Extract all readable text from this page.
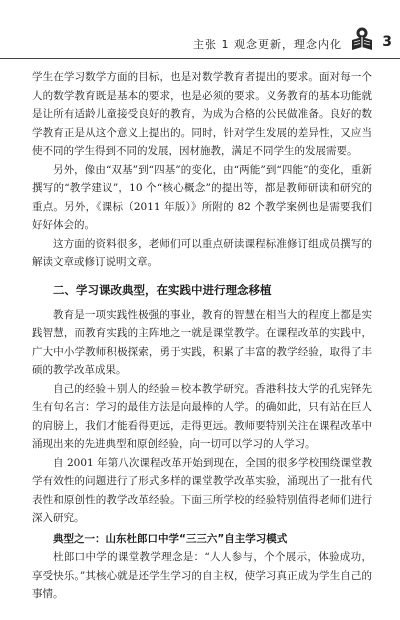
主张 1 观念更新，理念内化	3

学生在学习数学方面的目标，也是对数学教育者提出的要求。面对每一个人的数学教育既是基本的要求，也是必须的要求。义务教育的基本功能就是让所有适龄儿童接受良好的教育，为成为合格的公民做准备。良好的数学教育正是从这个意义上提出的。同时，针对学生发展的差异性，又应当使不同的学生得到不同的发展，因材施教，满足不同学生的发展需要。

另外，像由“双基”到“四基”的变化，由“两能”到“四能”的变化，重新撰写的“教学建议”，10 个“核心概念”的提出等，都是教师研读和研究的重点。另外，《课标（2011 年版）》所附的 82 个教学案例也是需要我们好好体会的。

这方面的资料很多，老师们可以重点研读课程标准修订组成员撰写的解读文章或修订说明文章。

二、学习课改典型，在实践中进行理念移植

教育是一项实践性极强的事业，教育的智慧在相当大的程度上都是实践智慧，而教育实践的主阵地之一就是课堂教学。在课程改革的实践中，广大中小学教师积极探索，勇于实践，积累了丰富的教学经验，取得了丰硕的教学改革成果。

自己的经验＋别人的经验＝校本教学研究。香港科技大学的孔宪铎先生有句名言：学习的最佳方法是向最棒的人学。的确如此，只有站在巨人的肩膀上，我们才能看得更远，走得更远。教师要特别关注在课程改革中涌现出来的先进典型和原创经验，向一切可以学习的人学习。

自 2001 年第八次课程改革开始到现在，全国的很多学校围绕课堂教学有效性的问题进行了形式多样的课堂教学改革实验，涌现出了一批有代表性和原创性的教学改革经验。下面三所学校的经验特别值得老师们进行深入研究。

典型之一：山东杜郎口中学“三三六”自主学习模式

杜郎口中学的课堂教学理念是：“人人参与，个个展示，体验成功，享受快乐。”其核心就是还学生学习的自主权，使学习真正成为学生自己的事情。
